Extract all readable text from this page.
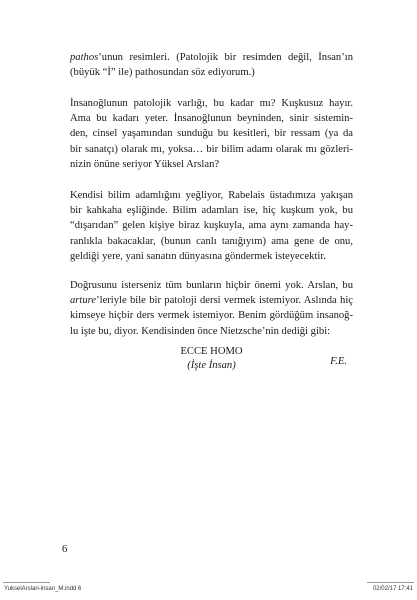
pathos’unun resimleri. (Patolojik bir resimden değil, İnsan’ın
(büyük “İ” ile) pathosundan söz ediyorum.)
İnsanoğlunun patolojik varlığı, bu kadar mı? Kuşkusuz hayır.
Ama bu kadarı yeter. İnsanoğlunun beyninden, sinir sistemin-
den, cinsel yaşamından sunduğu bu kesitleri, bir ressam (ya da
bir sanatçı) olarak mı, yoksa… bir bilim adamı olarak mı gözleri-
nizin önüne seriyor Yüksel Arslan?
Kendisi bilim adamlığını yeğliyor, Rabelais üstadımıza yakışan
bir kahkaha eşliğinde. Bilim adamları ise, hiç kuşkum yok, bu
“dışarıdan” gelen kişiye biraz kuşkuyla, ama aynı zamanda hay-
ranlıkla bakacaklar, (bunun canlı tanığıyım) ama gene de onu,
geldiği yere, yani sanatın dünyasına göndermek isteyecektir.
Doğrusunu isterseniz tüm bunların hiçbir önemi yok. Arslan, bu
arture’leriyle bile bir patoloji dersi vermek istemiyor. Aslında hiç
kimseye hiçbir ders vermek istemiyor. Benim gördüğüm insanoğ-
lu işte bu, diyor. Kendisinden önce Nietzsche’nin dediği gibi:
ECCE HOMO
(İşte İnsan)	F.E.
6
YukselArslan-insan_M.indd 6	02/02/17 17:41
